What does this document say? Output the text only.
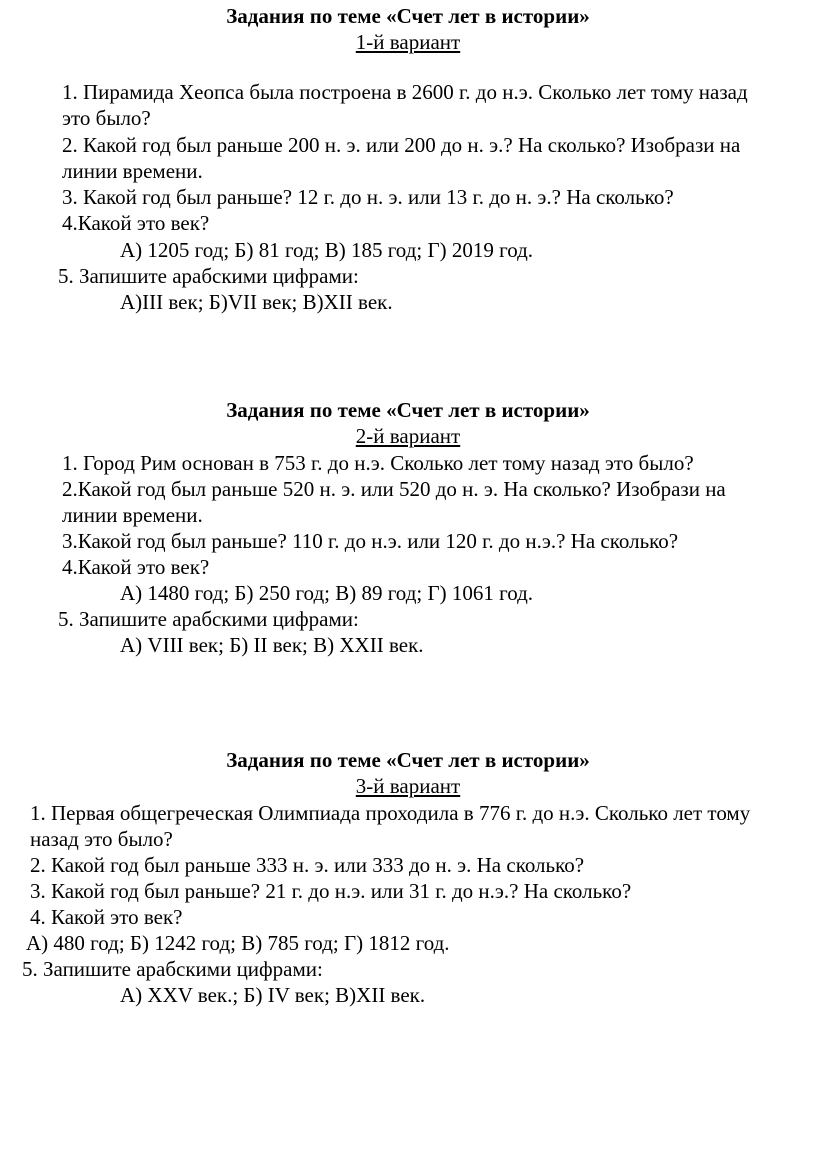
Задания по теме «Счет лет в истории»
1-й вариант
1. Пирамида Хеопса была построена в 2600 г. до н.э. Сколько лет тому назад
это было?
2. Какой год был раньше 200 н. э. или 200 до н. э.? На сколько? Изобрази на
линии времени.
3. Какой год был раньше? 12 г. до н. э. или 13 г. до н. э.? На сколько?
4.Какой это век?
А) 1205 год; Б) 81 год; В) 185 год; Г) 2019 год.
5. Запишите арабскими цифрами:
А)III век; Б)VII век; В)XII век.
Задания по теме «Счет лет в истории»
2-й вариант
1. Город Рим основан в 753 г. до н.э. Сколько лет тому назад это было?
2.Какой год был раньше 520 н. э. или 520 до н. э. На сколько? Изобрази на
линии времени.
3.Какой год был раньше? 110 г. до н.э. или 120 г. до н.э.? На сколько?
4.Какой это век?
А) 1480 год; Б) 250 год; В) 89 год; Г) 1061 год.
5. Запишите арабскими цифрами:
А) VIII век; Б) II век; В) XXII век.
Задания по теме «Счет лет в истории»
3-й вариант
1. Первая общегреческая Олимпиада проходила в 776 г. до н.э. Сколько лет тому
назад это было?
2. Какой год был раньше 333 н. э. или 333 до н. э. На сколько?
3. Какой год был раньше? 21 г. до н.э. или 31 г. до н.э.? На сколько?
4. Какой это век?
А) 480 год; Б) 1242 год; В) 785 год; Г) 1812 год.
5. Запишите арабскими цифрами:
А) XXV век.; Б) IV век; В)XII век.
